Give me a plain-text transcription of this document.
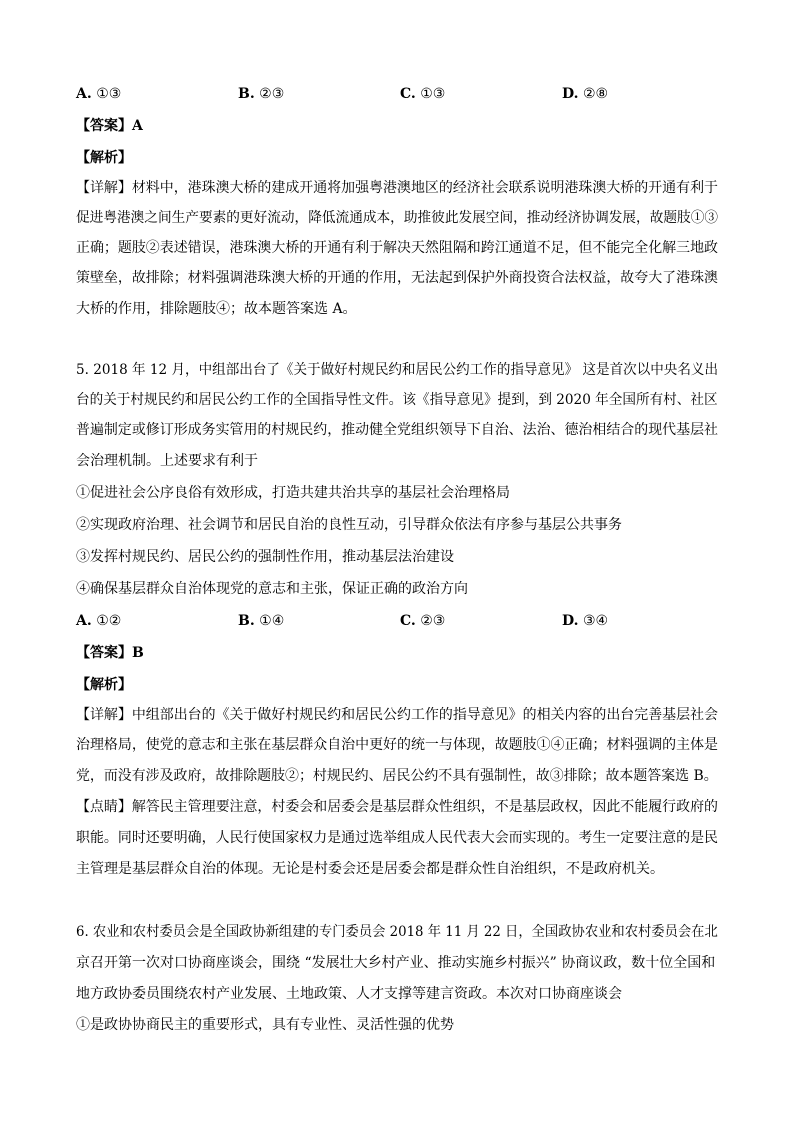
A. ①③	B. ②③	C. ①③	D. ②⑧
【答案】A
【解析】
【详解】材料中，港珠澳大桥的建成开通将加强粤港澳地区的经济社会联系说明港珠澳大桥的开通有利于
促进粤港澳之间生产要素的更好流动，降低流通成本，助推彼此发展空间，推动经济协调发展，故题肢①③
正确；题肢②表述错误，港珠澳大桥的开通有利于解决天然阻隔和跨江通道不足，但不能完全化解三地政
策壁垒，故排除；材料强调港珠澳大桥的开通的作用，无法起到保护外商投资合法权益，故夸大了港珠澳
大桥的作用，排除题肢④；故本题答案选 A。
5. 2018 年 12 月，中组部出台了《关于做好村规民约和居民公约工作的指导意见》 这是首次以中央名义出
台的关于村规民约和居民公约工作的全国指导性文件。该《指导意见》提到，到 2020 年全国所有村、社区
普遍制定或修订形成务实管用的村规民约，推动健全党组织领导下自治、法治、德治相结合的现代基层社
会治理机制。上述要求有利于
①促进社会公序良俗有效形成，打造共建共治共享的基层社会治理格局
②实现政府治理、社会调节和居民自治的良性互动，引导群众依法有序参与基层公共事务
③发挥村规民约、居民公约的强制性作用，推动基层法治建设
④确保基层群众自治体现党的意志和主张，保证正确的政治方向
A. ①②	B. ①④	C. ②③	D. ③④
【答案】B
【解析】
【详解】中组部出台的《关于做好村规民约和居民公约工作的指导意见》的相关内容的出台完善基层社会
治理格局，使党的意志和主张在基层群众自治中更好的统一与体现，故题肢①④正确；材料强调的主体是
党，而没有涉及政府，故排除题肢②；村规民约、居民公约不具有强制性，故③排除；故本题答案选 B。
【点睛】解答民主管理要注意，村委会和居委会是基层群众性组织，不是基层政权，因此不能履行政府的
职能。同时还要明确，人民行使国家权力是通过选举组成人民代表大会而实现的。考生一定要注意的是民
主管理是基层群众自治的体现。无论是村委会还是居委会都是群众性自治组织，不是政府机关。
6. 农业和农村委员会是全国政协新组建的专门委员会 2018 年 11 月 22 日，全国政协农业和农村委员会在北
京召开第一次对口协商座谈会，围绕 “发展壮大乡村产业、推动实施乡村振兴” 协商议政，数十位全国和
地方政协委员围绕农村产业发展、土地政策、人才支撑等建言资政。本次对口协商座谈会
①是政协协商民主的重要形式，具有专业性、灵活性强的优势
